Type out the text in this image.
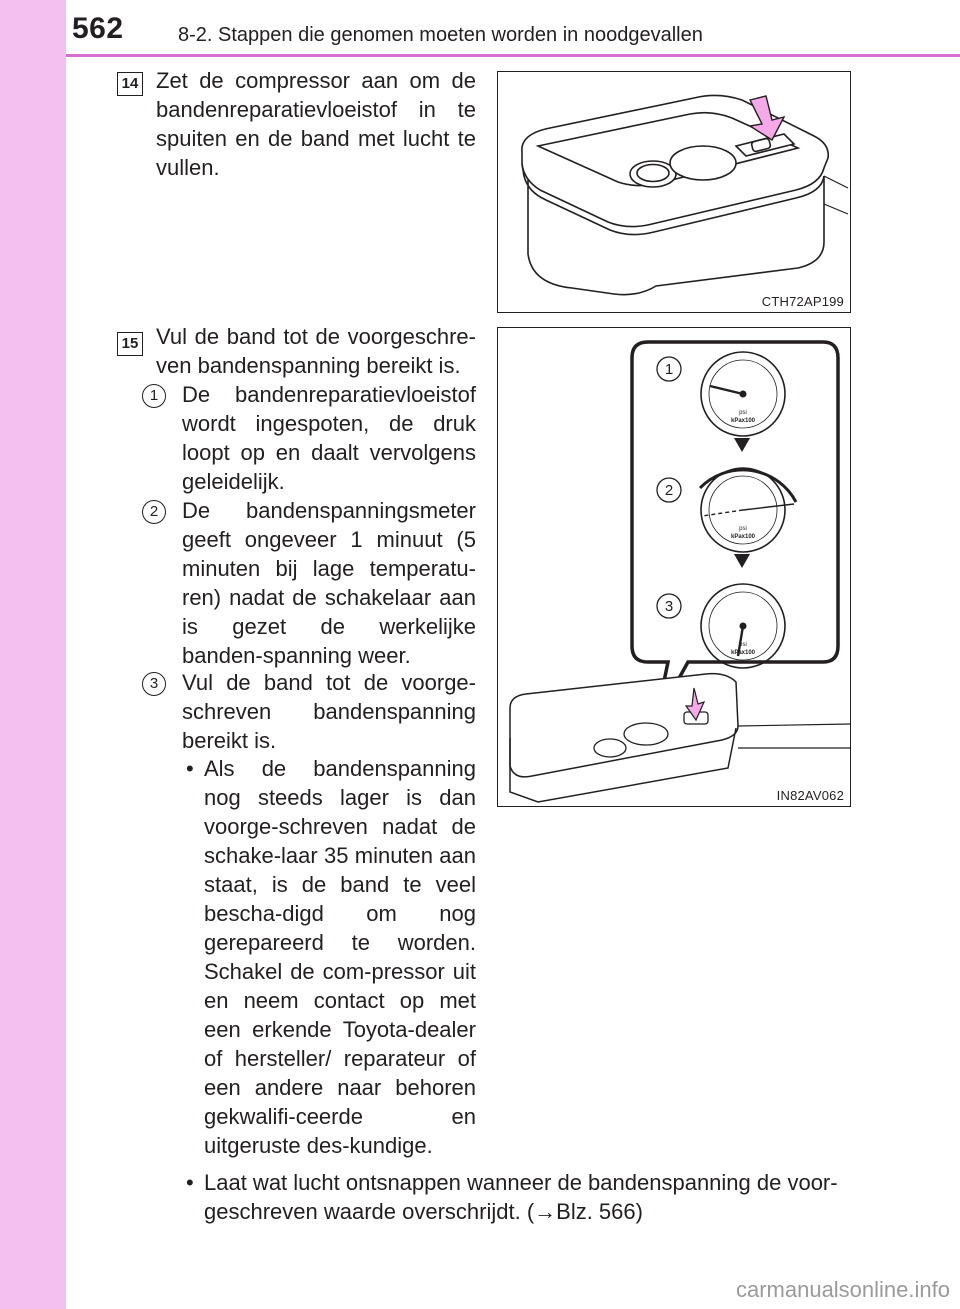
562	8-2. Stappen die genomen moeten worden in noodgevallen
14 Zet de compressor aan om de bandenreparatievloeistof in te spuiten en de band met lucht te vullen.
CTH72AP199
15 Vul de band tot de voorgeschre-ven bandenspanning bereikt is.
1	De bandenreparatievloeistof wordt ingespoten, de druk loopt op en daalt vervolgens geleidelijk.
2	De bandenspanningsmeter geeft ongeveer 1 minuut (5 minuten bij lage temperatu-ren) nadat de schakelaar aan is gezet de werkelijke banden-spanning weer.
3	Vul de band tot de voorge-schreven bandenspanning bereikt is.
• Als de bandenspanning nog steeds lager is dan voorge-schreven nadat de schake-laar 35 minuten aan staat, is de band te veel bescha-digd om nog gerepareerd te worden. Schakel de com-pressor uit en neem contact op met een erkende Toyota-dealer of hersteller/ reparateur of een andere naar behoren gekwalifi-ceerde en uitgeruste des-kundige.
1
2
3
psi
kPax100
psi
kPax100
psi
kPax100
IN82AV062
• Laat wat lucht ontsnappen wanneer de bandenspanning de voor-
geschreven waarde overschrijdt. (→Blz. 566)
carmanualsonline.info
